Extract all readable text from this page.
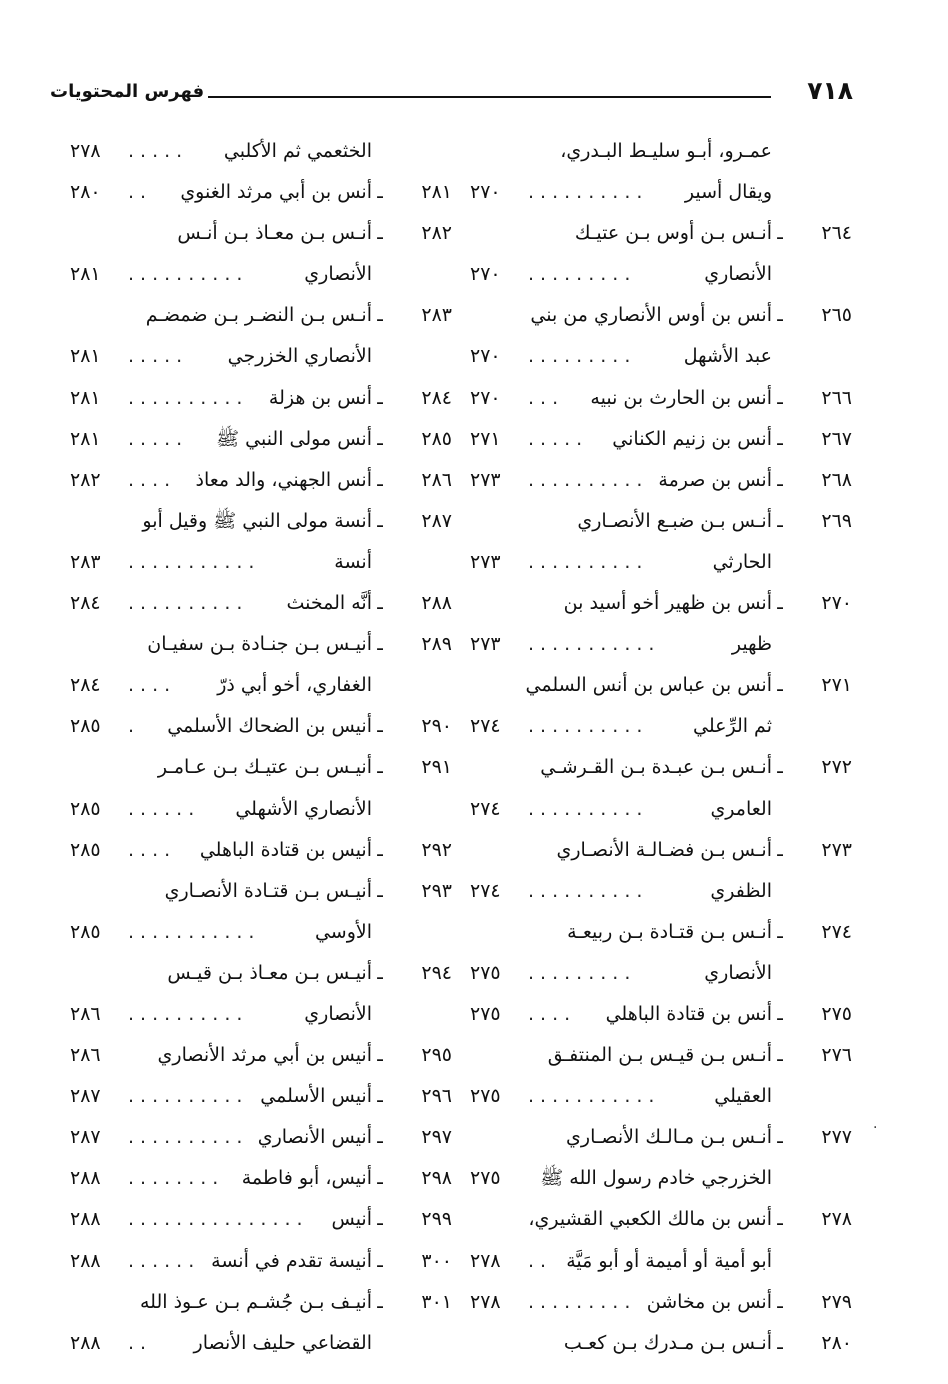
٧١٨
فهرس المحتويات
عمـرو، أبـو سليـط البـدري،
ويقال أسير
..........
٢٧٠
٢٦٤ـأنـس بـن أوس بـن عتيـك
الأنصاري
.........
٢٧٠
٢٦٥ـأنس بن أوس الأنصاري من بني
عبد الأشهل
.........
٢٧٠
٢٦٦ـأنس بن الحارث بن نبيه
...
٢٧٠
٢٦٧ـأنس بن زنيم الكناني
.....
٢٧١
٢٦٨ـأنس بن صرمة
..........
٢٧٣
٢٦٩ـأنـس بـن ضبـع الأنصـاري
الحارثي
..........
٢٧٣
٢٧٠ـأنس بن ظهير أخو أسيد بن
ظهير
...........
٢٧٣
٢٧١ـأنس بن عباس بن أنس السلمي
ثم الرِّعلي
..........
٢٧٤
٢٧٢ـأنـس بـن عبـدة بـن القـرشـي
العامري
..........
٢٧٤
٢٧٣ـأنـس بـن فضـالـة الأنصـاري
الظفري
..........
٢٧٤
٢٧٤ـأنـس بـن قتـادة بـن ربيعـة
الأنصاري
.........
٢٧٥
٢٧٥ـأنس بن قتادة الباهلي
....
٢٧٥
٢٧٦ـأنـس بـن قيـس بـن المنتفـق
العقيلي
...........
٢٧٥
٢٧٧ـأنـس بـن مـالـك الأنصـاري
الخزرجي خادم رسول الله ﷺ
٢٧٥
٢٧٨ـأنس بن مالك الكعبي القشيري،
أبو أمية أو أميمة أو أبو مَيَّة
..
٢٧٨
٢٧٩ـأنس بن مخاشن
.........
٢٧٨
٢٨٠ـأنـس بـن مـدرك بـن كعـب
الخثعمي ثم الأكلبي
.....
٢٧٨
٢٨١ـأنس بن أبي مرثد الغنوي
..
٢٨٠
٢٨٢ـأنـس بـن معـاذ بـن أنـس
الأنصاري
..........
٢٨١
٢٨٣ـأنـس بـن النضـر بـن ضمضـم
الأنصاري الخزرجي
.....
٢٨١
٢٨٤ـأنس بن هزلة
..........
٢٨١
٢٨٥ـأنس مولى النبي ﷺ
.....
٢٨١
٢٨٦ـأنس الجهني، والد معاذ
....
٢٨٢
٢٨٧ـأنسة مولى النبي ﷺ وقيل أبو
أنسة
...........
٢٨٣
٢٨٨ـأنَّه المخنث
..........
٢٨٤
٢٨٩ـأنيـس بـن جنـادة بـن سفيـان
الغفاري، أخو أبي ذرّ
....
٢٨٤
٢٩٠ـأنيس بن الضحاك الأسلمي
.
٢٨٥
٢٩١ـأنيـس بـن عتيـك بـن عـامـر
الأنصاري الأشهلي
......
٢٨٥
٢٩٢ـأنيس بن قتادة الباهلي
....
٢٨٥
٢٩٣ـأنيـس بـن قتـادة الأنصـاري
الأوسي
...........
٢٨٥
٢٩٤ـأنيـس بـن معـاذ بـن قيـس
الأنصاري
..........
٢٨٦
٢٩٥ـأنيس بن أبي مرثد الأنصاري
٢٨٦
٢٩٦ـأنيس الأسلمي
..........
٢٨٧
٢٩٧ـأنيس الأنصاري
..........
٢٨٧
٢٩٨ـأنيس، أبو فاطمة
........
٢٨٨
٢٩٩ـأنيس
...............
٢٨٨
٣٠٠ـأنيسة تقدم في أنسة
......
٢٨٨
٣٠١ـأنيـف بـن جُشـم بـن عـوذ الله
القضاعي حليف الأنصار
..
٢٨٨
·
